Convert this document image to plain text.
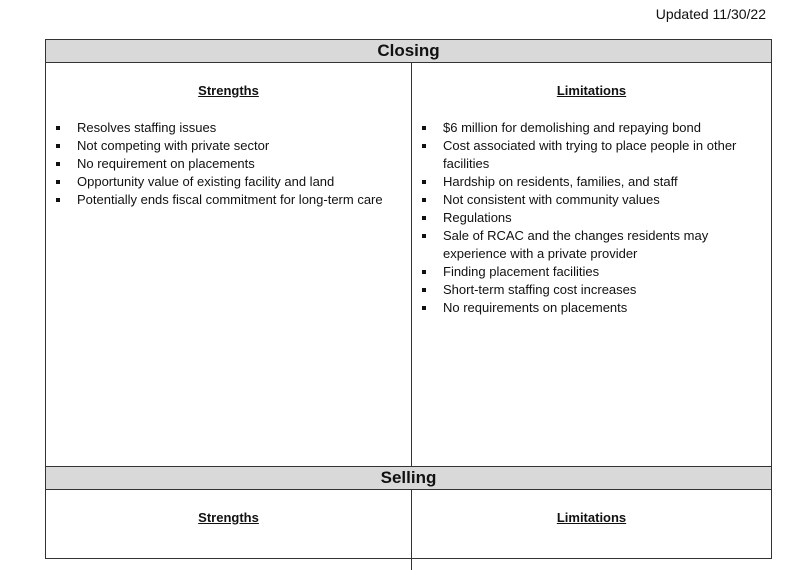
Updated 11/30/22
Closing
Strengths
Resolves staffing issues
Not competing with private sector
No requirement on placements
Opportunity value of existing facility and land
Potentially ends fiscal commitment for long-term care
Limitations
$6 million for demolishing and repaying bond
Cost associated with trying to place people in other facilities
Hardship on residents, families, and staff
Not consistent with community values
Regulations
Sale of RCAC and the changes residents may experience with a private provider
Finding placement facilities
Short-term staffing cost increases
No requirements on placements
Selling
Strengths	Limitations
